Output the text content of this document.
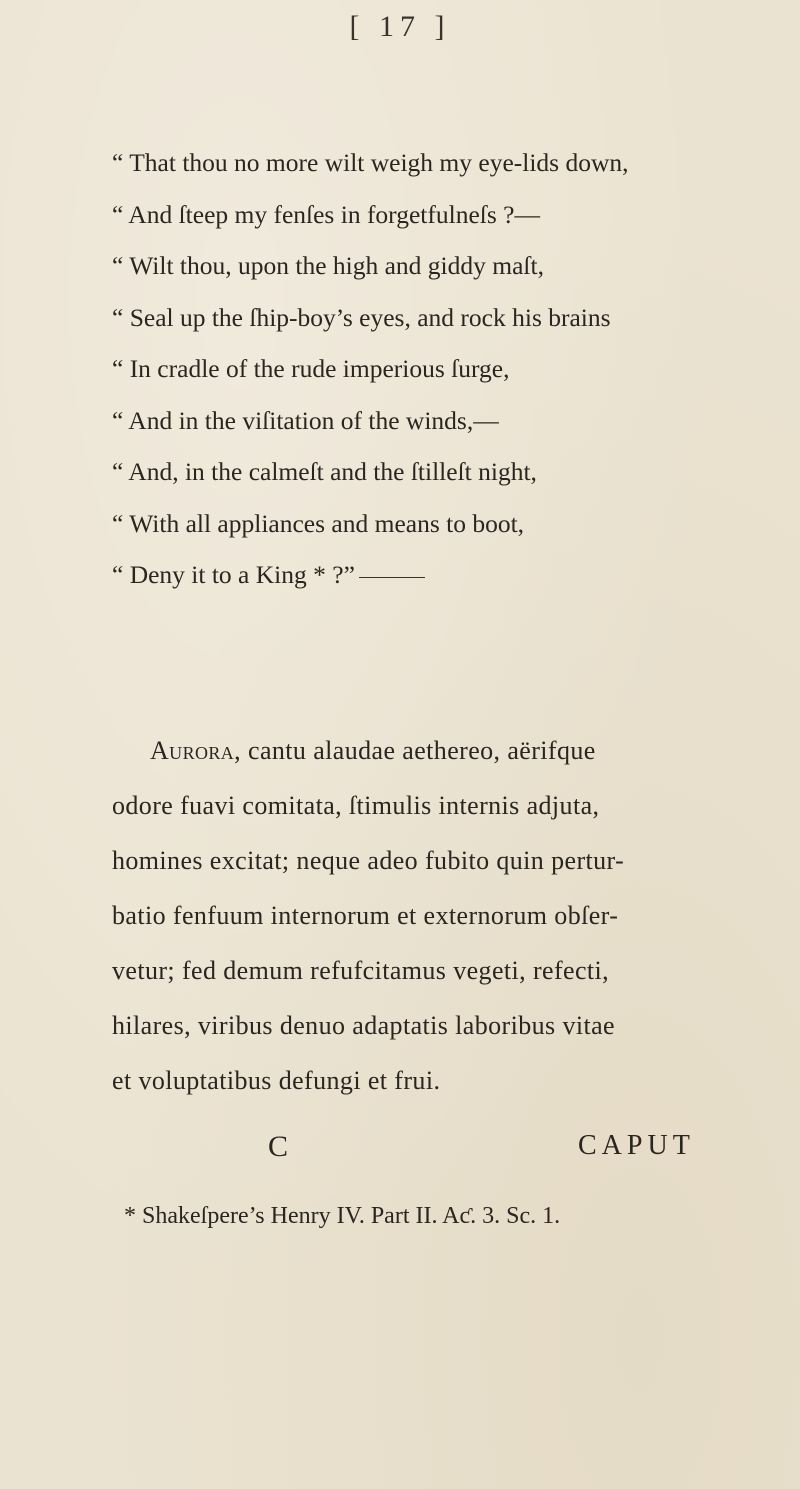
[ 17 ]
“ That thou no more wilt weigh my eye-lids down,
“ And ſteep my fenſes in forgetfulneſs ?—
“ Wilt thou, upon the high and giddy maſt,
“ Seal up the ſhip-boy’s eyes, and rock his brains
“ In cradle of the rude imperious ſurge,
“ And in the viſitation of the winds,—
“ And, in the calmeſt and the ſtilleſt night,
“ With all appliances and means to boot,
“ Deny it to a King * ?”
Aurora, cantu alaudae aethereo, aërifque
odore fuavi comitata, ſtimulis internis adjuta,
homines excitat; neque adeo fubito quin pertur-
batio fenfuum internorum et externorum obſer-
vetur; fed demum refufcitamus vegeti, refecti,
hilares, viribus denuo adaptatis laboribus vitae
et voluptatibus defungi et frui.
C	CAPUT
* Shakeſpere’s Henry IV. Part II. Aƈ. 3. Sc. 1.
